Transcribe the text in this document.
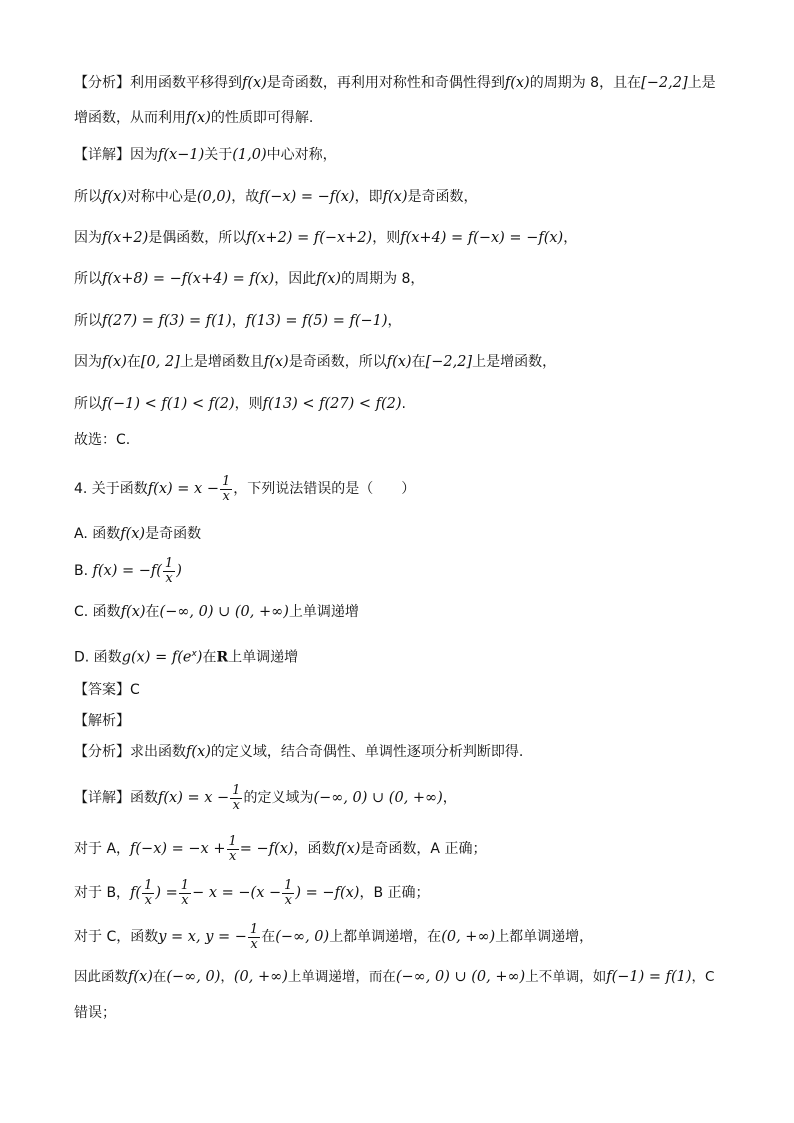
【分析】利用函数平移得到f(x)是奇函数，再利用对称性和奇偶性得到f(x)的周期为 8，且在[−2,2]上是
增函数，从而利用f(x)的性质即可得解.
【详解】因为f(x−1)关于(1,0)中心对称，
所以f(x)对称中心是(0,0)，故f(−x) = −f(x)，即f(x)是奇函数，
因为f(x+2)是偶函数，所以f(x+2) = f(−x+2)，则f(x+4) = f(−x) = −f(x)，
所以f(x+8) = −f(x+4) = f(x)，因此f(x)的周期为 8，
所以f(27) = f(3) = f(1)，f(13) = f(5) = f(−1)，
因为f(x)在[0, 2]上是增函数且f(x)是奇函数，所以f(x)在[−2,2]上是增函数，
所以f(−1) < f(1) < f(2)，则f(13) < f(27) < f(2).
故选：C.
4. 关于函数$f(x) = x - \frac{1}{x}$ ，下列说法错误的是（　　）
A. 函数f(x)是奇函数
B. $f(x) = -f( \frac{1}{x}$ )
C. 函数f(x)在(−∞, 0) ∪ (0, +∞)上单调递增
D. 函数$g(x) = f(e^x)$在R上单调递增
【答案】C
【解析】
【分析】求出函数f(x)的定义域，结合奇偶性、单调性逐项分析判断即得.
【详解】函数$f(x) = x - \frac{1}{x}$ 的定义域为(−∞, 0) ∪ (0, +∞)，
对于 A，$f(-x) = -x + \frac{1}{x} = -f(x)$，函数f(x)是奇函数，A 正确；
对于 B，$f( \frac{1}{x}$ ) = $\frac{1}{x} - x = -(x - \frac{1}{x}$ ) = −f(x)，B 正确；
对于 C，函数y = x, y = − $\frac{1}{x}$ 在(−∞, 0)上都单调递增，在(0, +∞)上都单调递增，
因此函数f(x)在(−∞, 0)，(0, +∞)上单调递增，而在(−∞, 0) ∪ (0, +∞)上不单调，如f(−1) = f(1)，C
错误；
